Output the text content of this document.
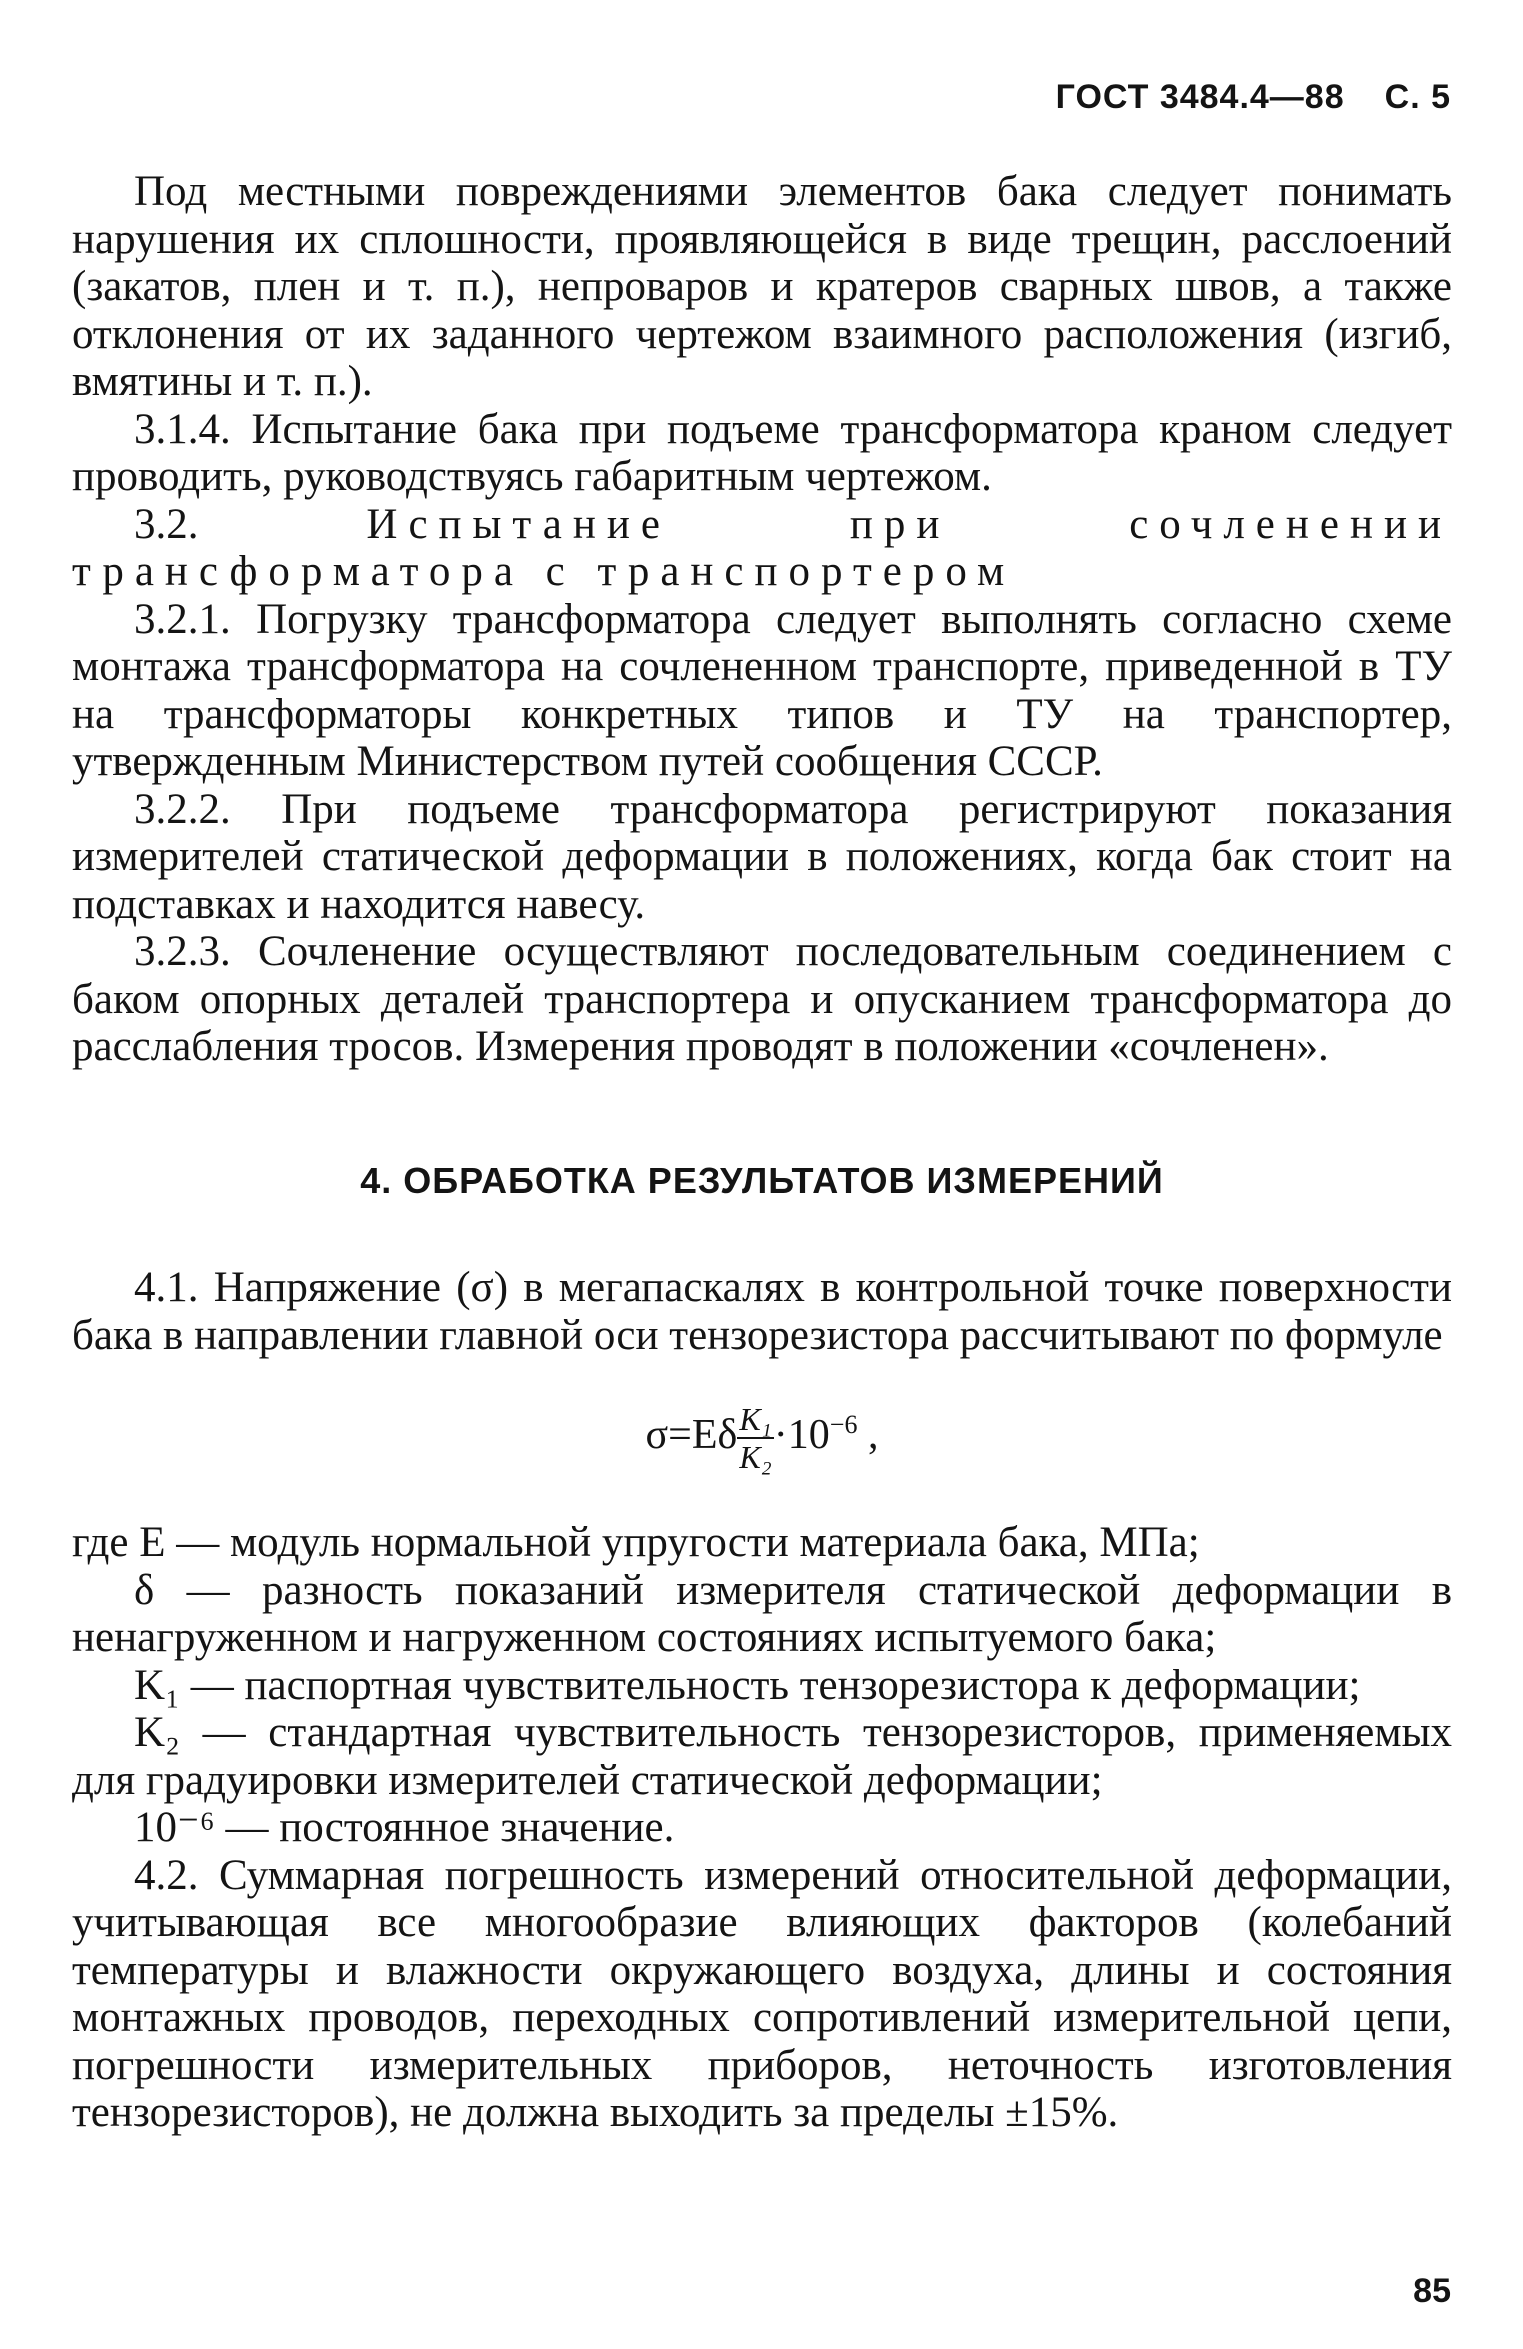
ГОСТ 3484.4—88 С. 5

Под местными повреждениями элементов бака следует понимать нарушения их сплошности, проявляющейся в виде трещин, расслоений (закатов, плен и т. п.), непроваров и кратеров сварных швов, а также отклонения от их заданного чертежом взаимного расположения (изгиб, вмятины и т. п.).

3.1.4. Испытание бака при подъеме трансформатора краном следует проводить, руководствуясь габаритным чертежом.

3.2.	Испытание при сочленении трансформатора с транспортером

3.2.1. Погрузку трансформатора следует выполнять согласно схеме монтажа трансформатора на сочлененном транспорте, приведенной в ТУ на трансформаторы конкретных типов и ТУ на транспортер, утвержденным Министерством путей сообщения СССР.

3.2.2. При подъеме трансформатора регистрируют показания измерителей статической деформации в положениях, когда бак стоит на подставках и находится навесу.

3.2.3. Сочленение осуществляют последовательным соединением с баком опорных деталей транспортера и опусканием трансформатора до расслабления тросов. Измерения проводят в положении «сочленен».

4. ОБРАБОТКА РЕЗУЛЬТАТОВ ИЗМЕРЕНИЙ

4.1. Напряжение (σ) в мегапаскалях в контрольной точке поверхности бака в направлении главной оси тензорезистора рассчитывают по формуле

$\sigma=E\delta \frac{\text{K₁}}{\text{K₂}} \cdot 10^{-6}$ ,

где E — модуль нормальной упругости материала бака, МПа;

δ — разность показаний измерителя статической деформации в ненагруженном и нагруженном состояниях испытуемого бака;

K₁ — паспортная чувствительность тензорезистора к деформации;

K₂ — стандартная чувствительность тензорезисторов, применяемых для градуировки измерителей статической деформации;

10⁻⁶ — постоянное значение.

4.2. Суммарная погрешность измерений относительной деформации, учитывающая все многообразие влияющих факторов (колебаний температуры и влажности окружающего воздуха, длины и состояния монтажных проводов, переходных сопротивлений измерительной цепи, погрешности измерительных приборов, неточность изготовления тензорезисторов), не должна выходить за пределы ±15%.

85
